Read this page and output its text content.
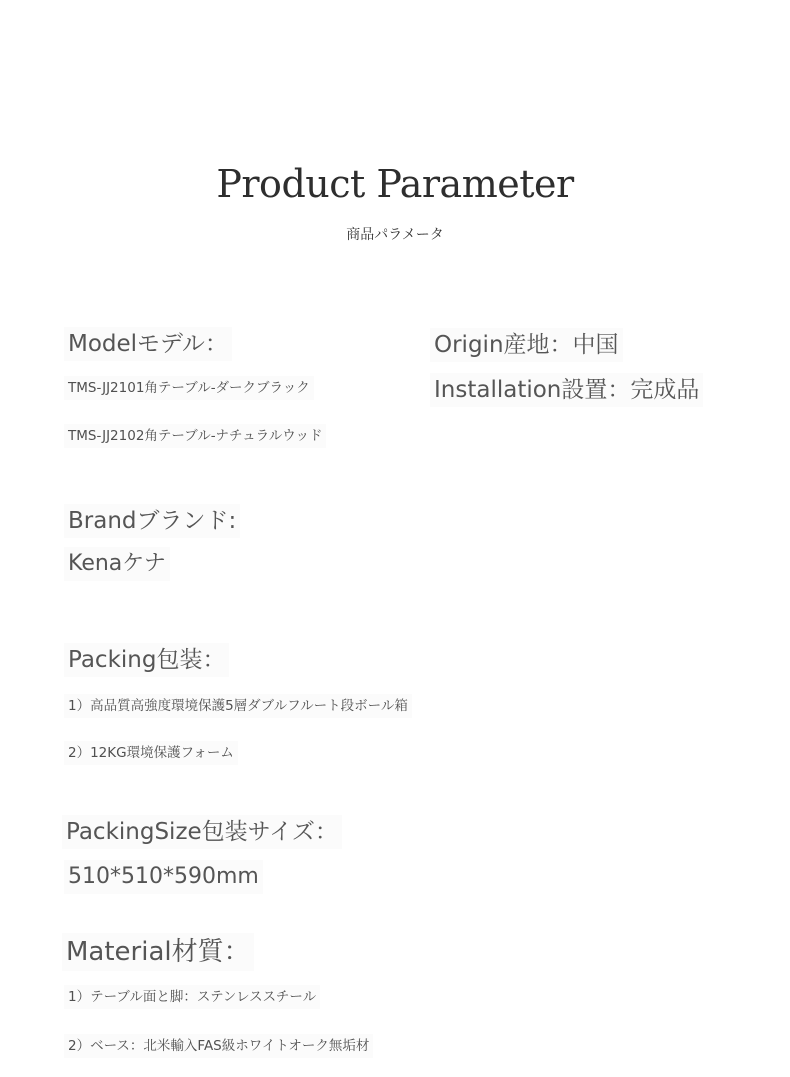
Product Parameter
商品パラメータ
Modelモデル：
TMS-JJ2101角テーブル-ダークブラック
TMS-JJ2102角テーブル-ナチュラルウッド
Origin産地：中国
Installation設置：完成品
Brandブランド:
Kenaケナ
Packing包装：
1）高品質高強度環境保護5層ダブルフルート段ボール箱
2）12KG環境保護フォーム
PackingSize包装サイズ：
510*510*590mm
Material材質：
1）テーブル面と脚：ステンレススチール
2）ベース：北米輸入FAS級ホワイトオーク無垢材
